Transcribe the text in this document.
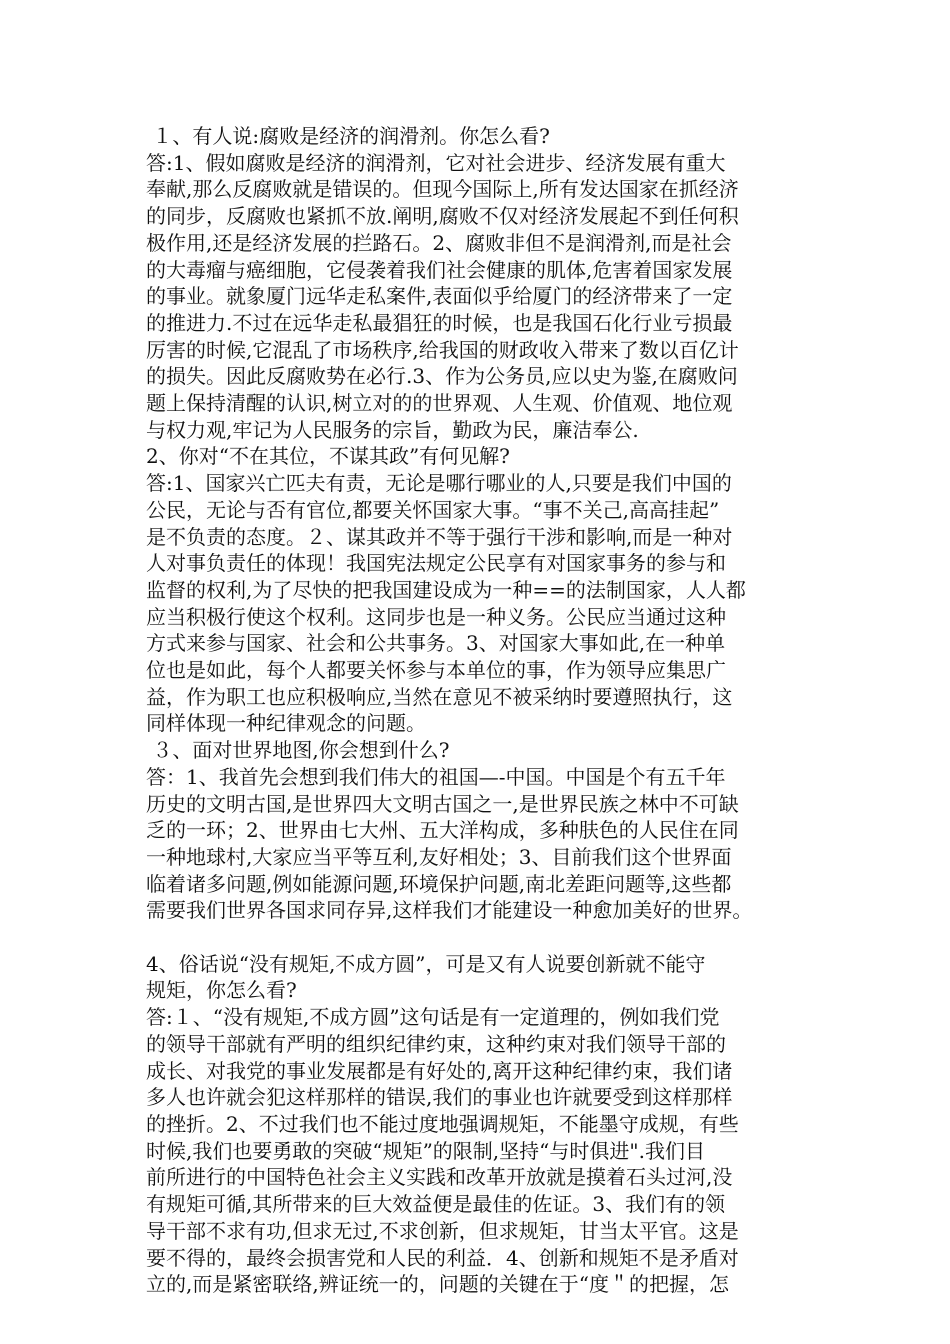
１、有人说:腐败是经济的润滑剂。你怎么看?

答:1、假如腐败是经济的润滑剂，它对社会进步、经济发展有重大

奉献,那么反腐败就是错误的。但现今国际上,所有发达国家在抓经济

的同步，反腐败也紧抓不放.阐明,腐败不仅对经济发展起不到任何积

极作用,还是经济发展的拦路石。2、腐败非但不是润滑剂,而是社会

的大毒瘤与癌细胞，它侵袭着我们社会健康的肌体,危害着国家发展

的事业。就象厦门远华走私案件,表面似乎给厦门的经济带来了一定

的推进力.不过在远华走私最猖狂的时候，也是我国石化行业亏损最

厉害的时候,它混乱了市场秩序,给我国的财政收入带来了数以百亿计

的损失。因此反腐败势在必行.3、作为公务员,应以史为鉴,在腐败问

题上保持清醒的认识,树立对的的世界观、人生观、价值观、地位观

与权力观,牢记为人民服务的宗旨，勤政为民，廉洁奉公.

2、你对“不在其位，不谋其政”有何见解?

答:1、国家兴亡匹夫有责，无论是哪行哪业的人,只要是我们中国的

公民，无论与否有官位,都要关怀国家大事。“事不关己,高高挂起”

是不负责的态度。２、谋其政并不等于强行干涉和影响,而是一种对

人对事负责任的体现！我国宪法规定公民享有对国家事务的参与和

监督的权利,为了尽快的把我国建设成为一种==的法制国家，人人都

应当积极行使这个权利。这同步也是一种义务。公民应当通过这种

方式来参与国家、社会和公共事务。3、对国家大事如此,在一种单

位也是如此，每个人都要关怀参与本单位的事，作为领导应集思广

益，作为职工也应积极响应,当然在意见不被采纳时要遵照执行，这

同样体现一种纪律观念的问题。

３、面对世界地图,你会想到什么?

答：1、我首先会想到我们伟大的祖国—-中国。中国是个有五千年

历史的文明古国,是世界四大文明古国之一,是世界民族之林中不可缺

乏的一环；2、世界由七大州、五大洋构成，多种肤色的人民住在同

一种地球村,大家应当平等互利,友好相处；3、目前我们这个世界面

临着诸多问题,例如能源问题,环境保护问题,南北差距问题等,这些都

需要我们世界各国求同存异,这样我们才能建设一种愈加美好的世界。

4、俗话说“没有规矩,不成方圆”，可是又有人说要创新就不能守

规矩，你怎么看?

答:１、“没有规矩,不成方圆”这句话是有一定道理的，例如我们党

的领导干部就有严明的组织纪律约束，这种约束对我们领导干部的

成长、对我党的事业发展都是有好处的,离开这种纪律约束，我们诸

多人也许就会犯这样那样的错误,我们的事业也许就要受到这样那样

的挫折。2、不过我们也不能过度地强调规矩，不能墨守成规，有些

时候,我们也要勇敢的突破“规矩”的限制,坚持“与时俱进".我们目

前所进行的中国特色社会主义实践和改革开放就是摸着石头过河,没

有规矩可循,其所带来的巨大效益便是最佳的佐证。3、我们有的领

导干部不求有功,但求无过,不求创新，但求规矩，甘当太平官。这是

要不得的，最终会损害党和人民的利益．4、创新和规矩不是矛盾对

立的,而是紧密联络,辨证统一的，问题的关键在于“度＂的把握，怎
